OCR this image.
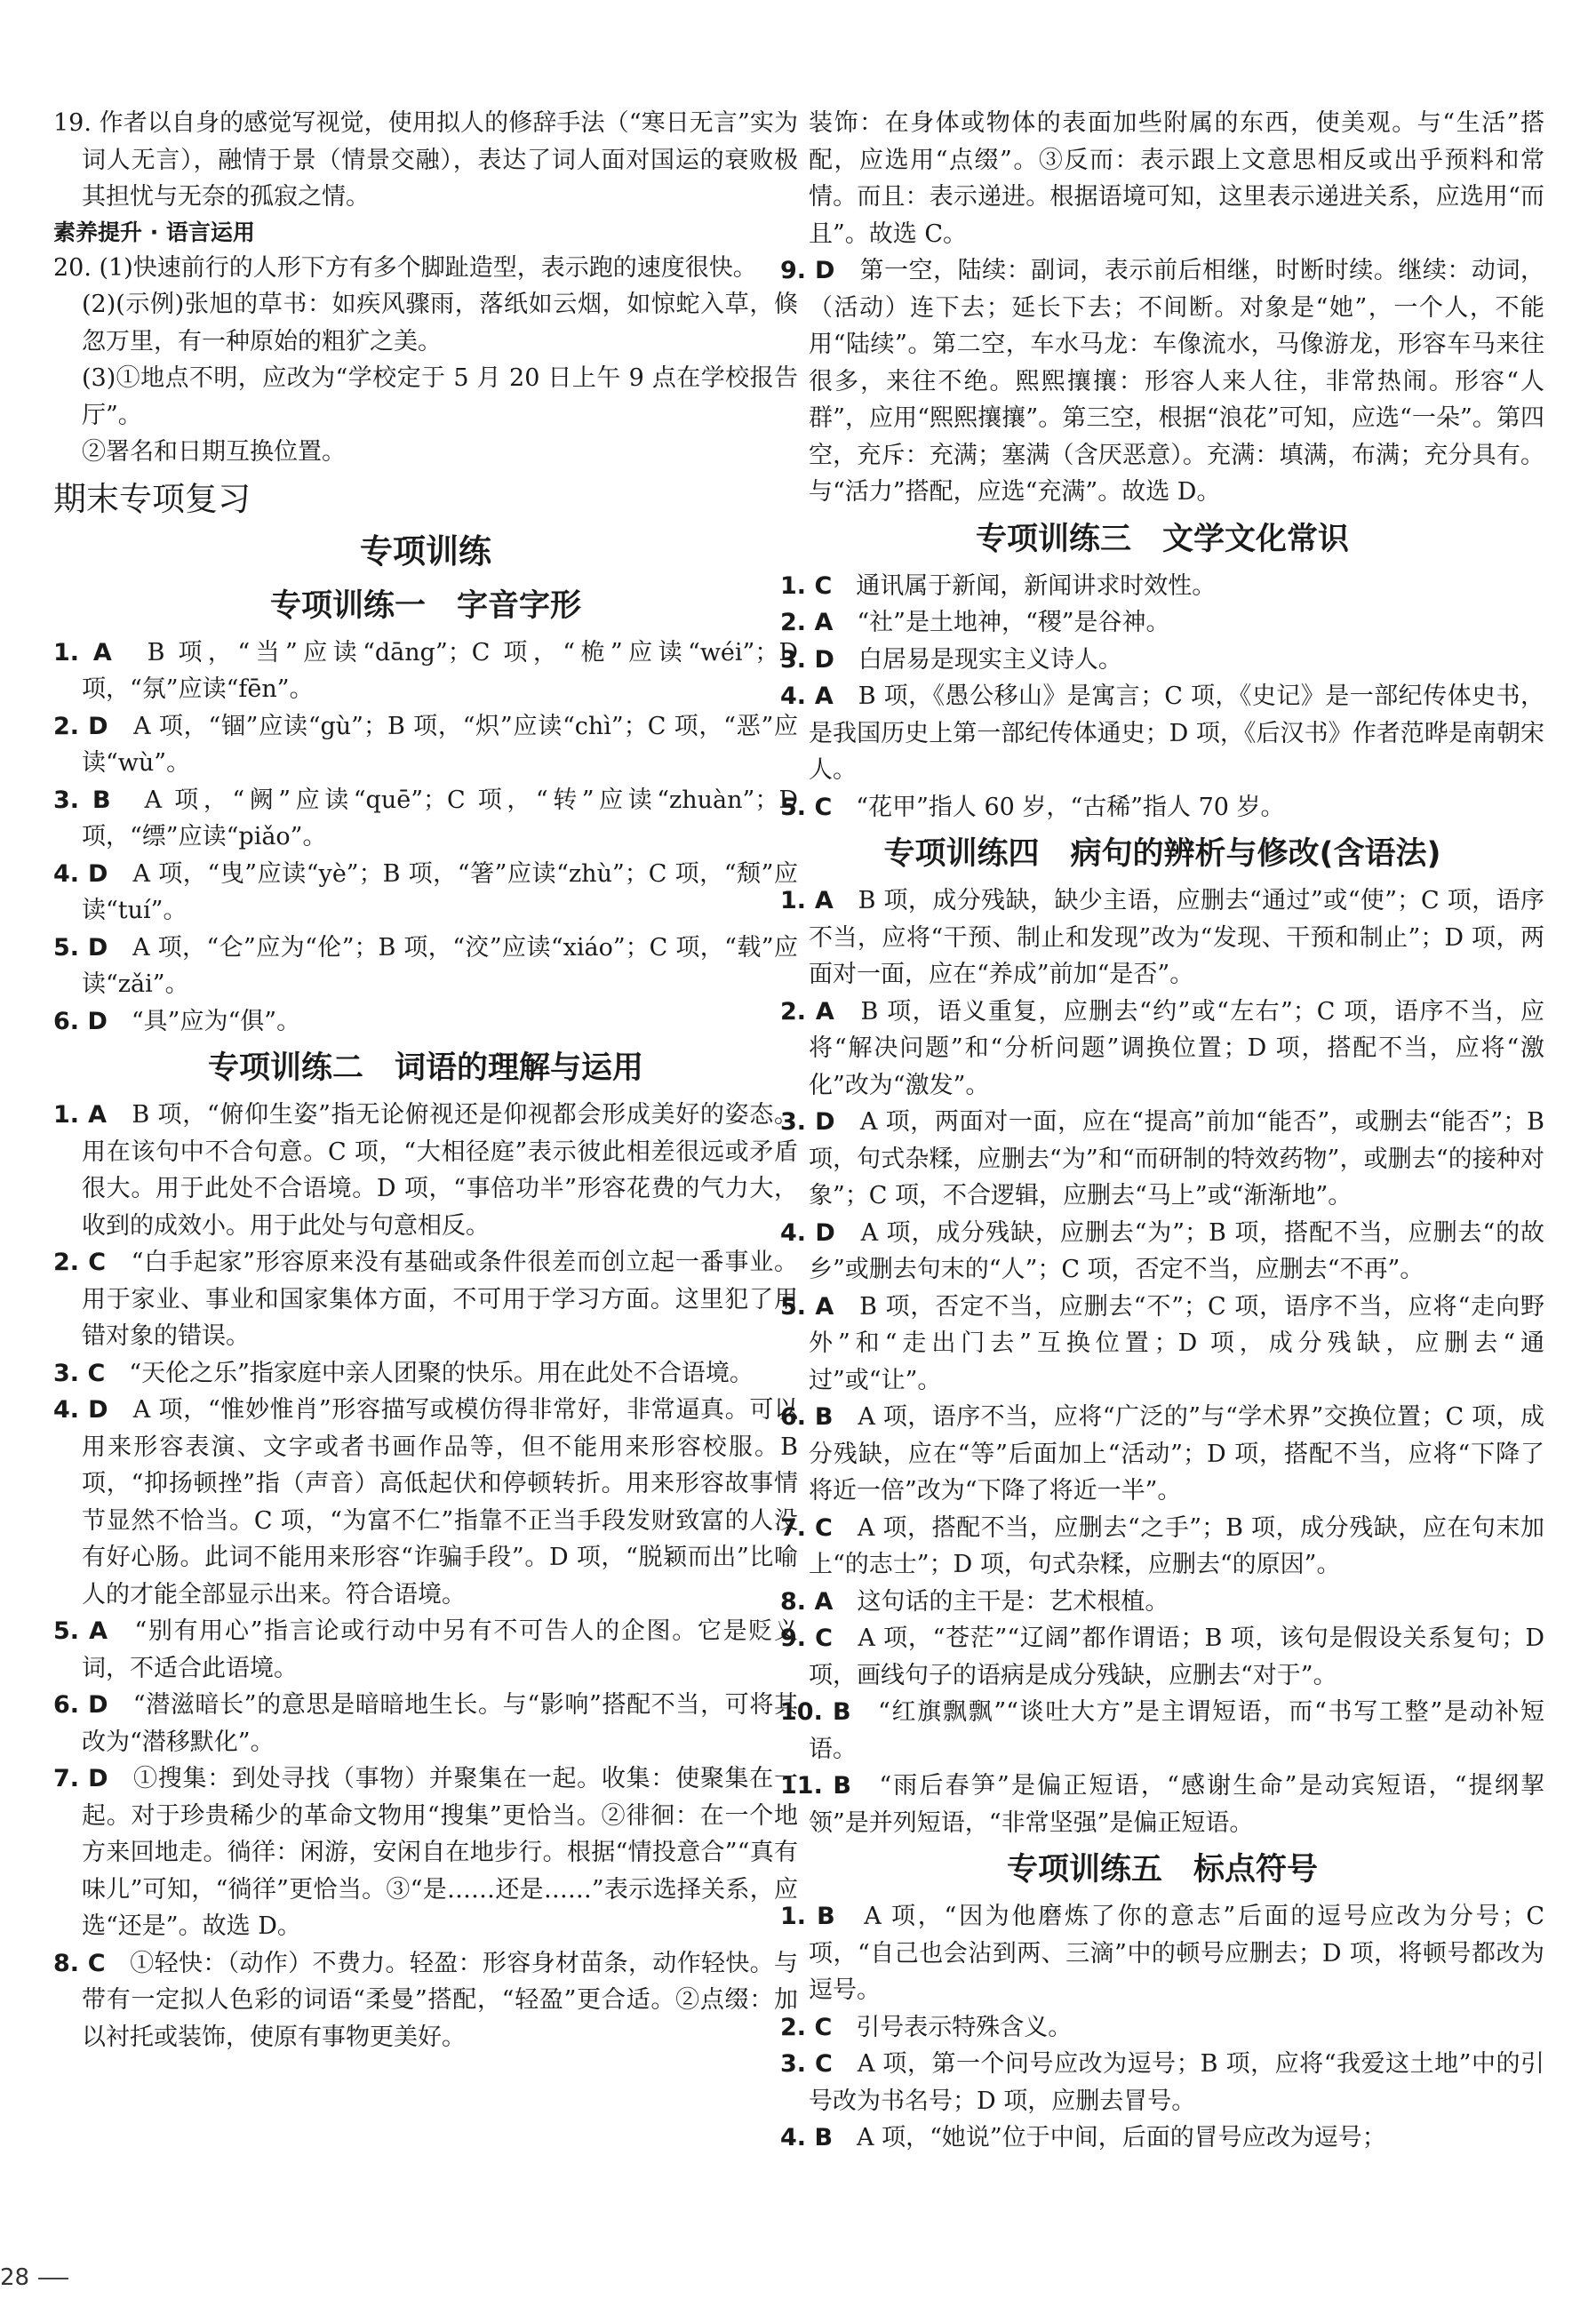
19. 作者以自身的感觉写视觉，使用拟人的修辞手法（“寒日无言”实为词人无言），融情于景（情景交融），表达了词人面对国运的衰败极其担忧与无奈的孤寂之情。

素养提升 · 语言运用

20. (1)快速前行的人形下方有多个脚趾造型，表示跑的速度很快。

(2)(示例)张旭的草书：如疾风骤雨，落纸如云烟，如惊蛇入草，倏忽万里，有一种原始的粗犷之美。

(3)①地点不明，应改为“学校定于 5 月 20 日上午 9 点在学校报告厅”。

②署名和日期互换位置。

期末专项复习
专项训练
专项训练一　字音字形

1. A　B 项，“当”应读“dāng”；C 项，“桅”应读“wéi”；D 项，“氛”应读“fēn”。

2. D　A 项，“锢”应读“gù”；B 项，“炽”应读“chì”；C 项，“恶”应读“wù”。

3. B　A 项，“阙”应读“quē”；C 项，“转”应读“zhuàn”；D 项，“缥”应读“piǎo”。

4. D　A 项，“曳”应读“yè”；B 项，“箸”应读“zhù”；C 项，“颓”应读“tuí”。

5. D　A 项，“仑”应为“伦”；B 项，“洨”应读“xiáo”；C 项，“载”应读“zǎi”。

6. D　“具”应为“俱”。

专项训练二　词语的理解与运用

1. A　B 项，“俯仰生姿”指无论俯视还是仰视都会形成美好的姿态。用在该句中不合句意。C 项，“大相径庭”表示彼此相差很远或矛盾很大。用于此处不合语境。D 项，“事倍功半”形容花费的气力大，收到的成效小。用于此处与句意相反。

2. C　“白手起家”形容原来没有基础或条件很差而创立起一番事业。用于家业、事业和国家集体方面，不可用于学习方面。这里犯了用错对象的错误。

3. C　“天伦之乐”指家庭中亲人团聚的快乐。用在此处不合语境。

4. D　A 项，“惟妙惟肖”形容描写或模仿得非常好，非常逼真。可以用来形容表演、文字或者书画作品等，但不能用来形容校服。B 项，“抑扬顿挫”指（声音）高低起伏和停顿转折。用来形容故事情节显然不恰当。C 项，“为富不仁”指靠不正当手段发财致富的人没有好心肠。此词不能用来形容“诈骗手段”。D 项，“脱颖而出”比喻人的才能全部显示出来。符合语境。

5. A　“别有用心”指言论或行动中另有不可告人的企图。它是贬义词，不适合此语境。

6. D　“潜滋暗长”的意思是暗暗地生长。与“影响”搭配不当，可将其改为“潜移默化”。

7. D　①搜集：到处寻找（事物）并聚集在一起。收集：使聚集在一起。对于珍贵稀少的革命文物用“搜集”更恰当。②徘徊：在一个地方来回地走。徜徉：闲游，安闲自在地步行。根据“情投意合”“真有味儿”可知，“徜徉”更恰当。③“是……还是……”表示选择关系，应选“还是”。故选 D。

8. C　①轻快：（动作）不费力。轻盈：形容身材苗条，动作轻快。与带有一定拟人色彩的词语“柔曼”搭配，“轻盈”更合适。②点缀：加以衬托或装饰，使原有事物更美好。

装饰：在身体或物体的表面加些附属的东西，使美观。与“生活”搭配，应选用“点缀”。③反而：表示跟上文意思相反或出乎预料和常情。而且：表示递进。根据语境可知，这里表示递进关系，应选用“而且”。故选 C。

9. D　第一空，陆续：副词，表示前后相继，时断时续。继续：动词，（活动）连下去；延长下去；不间断。对象是“她”，一个人，不能用“陆续”。第二空，车水马龙：车像流水，马像游龙，形容车马来往很多，来往不绝。熙熙攘攘：形容人来人往，非常热闹。形容“人群”，应用“熙熙攘攘”。第三空，根据“浪花”可知，应选“一朵”。第四空，充斥：充满；塞满（含厌恶意）。充满：填满，布满；充分具有。与“活力”搭配，应选“充满”。故选 D。

专项训练三　文学文化常识

1. C　通讯属于新闻，新闻讲求时效性。

2. A　“社”是土地神，“稷”是谷神。

3. D　白居易是现实主义诗人。

4. A　B 项，《愚公移山》是寓言；C 项，《史记》是一部纪传体史书，是我国历史上第一部纪传体通史；D 项，《后汉书》作者范晔是南朝宋人。

5. C　“花甲”指人 60 岁，“古稀”指人 70 岁。

专项训练四　病句的辨析与修改(含语法)

1. A　B 项，成分残缺，缺少主语，应删去“通过”或“使”；C 项，语序不当，应将“干预、制止和发现”改为“发现、干预和制止”；D 项，两面对一面，应在“养成”前加“是否”。

2. A　B 项，语义重复，应删去“约”或“左右”；C 项，语序不当，应将“解决问题”和“分析问题”调换位置；D 项，搭配不当，应将“激化”改为“激发”。

3. D　A 项，两面对一面，应在“提高”前加“能否”，或删去“能否”；B 项，句式杂糅，应删去“为”和“而研制的特效药物”，或删去“的接种对象”；C 项，不合逻辑，应删去“马上”或“渐渐地”。

4. D　A 项，成分残缺，应删去“为”；B 项，搭配不当，应删去“的故乡”或删去句末的“人”；C 项，否定不当，应删去“不再”。

5. A　B 项，否定不当，应删去“不”；C 项，语序不当，应将“走向野外”和“走出门去”互换位置；D 项，成分残缺，应删去“通过”或“让”。

6. B　A 项，语序不当，应将“广泛的”与“学术界”交换位置；C 项，成分残缺，应在“等”后面加上“活动”；D 项，搭配不当，应将“下降了将近一倍”改为“下降了将近一半”。

7. C　A 项，搭配不当，应删去“之手”；B 项，成分残缺，应在句末加上“的志士”；D 项，句式杂糅，应删去“的原因”。

8. A　这句话的主干是：艺术根植。

9. C　A 项，“苍茫”“辽阔”都作谓语；B 项，该句是假设关系复句；D 项，画线句子的语病是成分残缺，应删去“对于”。

10. B　“红旗飘飘”“谈吐大方”是主谓短语，而“书写工整”是动补短语。

11. B　“雨后春笋”是偏正短语，“感谢生命”是动宾短语，“提纲挈领”是并列短语，“非常坚强”是偏正短语。

专项训练五　标点符号

1. B　A 项，“因为他磨炼了你的意志”后面的逗号应改为分号；C 项，“自己也会沾到两、三滴”中的顿号应删去；D 项，将顿号都改为逗号。

2. C　引号表示特殊含义。

3. C　A 项，第一个问号应改为逗号；B 项，应将“我爱这土地”中的引号改为书名号；D 项，应删去冒号。

4. B　A 项，“她说”位于中间，后面的冒号应改为逗号；

28
